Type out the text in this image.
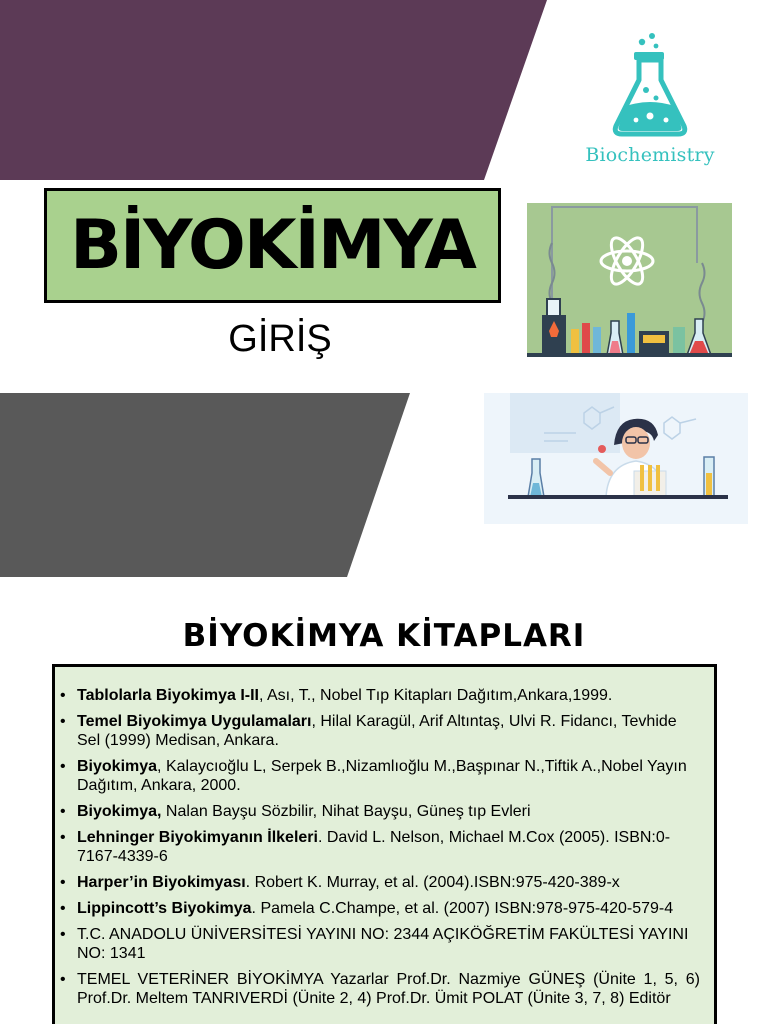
Biochemistry
BİYOKİMYA
GİRİŞ
BİYOKİMYA KİTAPLARI
• Tablolarla Biyokimya I-II, Ası, T., Nobel Tıp Kitapları Dağıtım,Ankara,1999.
• Temel Biyokimya Uygulamaları, Hilal Karagül, Arif Altıntaş, Ulvi R. Fidancı, Tevhide Sel (1999) Medisan, Ankara.
• Biyokimya, Kalaycıoğlu L, Serpek B.,Nizamlıoğlu M.,Başpınar N.,Tiftik A.,Nobel Yayın Dağıtım, Ankara, 2000.
• Biyokimya, Nalan Bayşu Sözbilir, Nihat Bayşu, Güneş tıp Evleri
• Lehninger Biyokimyanın İlkeleri. David L. Nelson, Michael M.Cox (2005). ISBN:0-7167-4339-6
• Harper’in Biyokimyası. Robert K. Murray, et al. (2004).ISBN:975-420-389-x
• Lippincott’s Biyokimya. Pamela C.Champe, et al. (2007) ISBN:978-975-420-579-4
• T.C. ANADOLU ÜNİVERSİTESİ YAYINI NO: 2344 AÇIKÖĞRETİM FAKÜLTESİ YAYINI NO: 1341
• TEMEL VETERİNER BİYOKİMYA Yazarlar Prof.Dr. Nazmiye GÜNEŞ (Ünite 1, 5, 6) Prof.Dr. Meltem TANRIVERDİ (Ünite 2, 4) Prof.Dr. Ümit POLAT (Ünite 3, 7, 8) Editör
